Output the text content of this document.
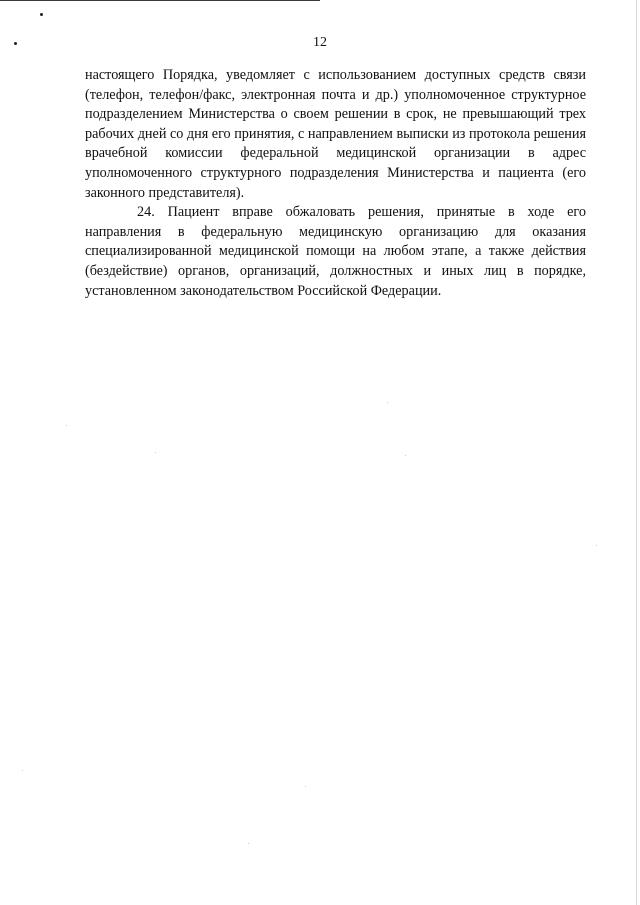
12

настоящего Порядка, уведомляет с использованием доступных средств связи (телефон, телефон/факс, электронная почта и др.) уполномоченное структурное подразделением Министерства о своем решении в срок, не превышающий трех рабочих дней со дня его принятия, с направлением выписки из протокола решения врачебной комиссии федеральной медицинской организации в адрес уполномоченного структурного подразделения Министерства и пациента (его законного представителя).

24. Пациент вправе обжаловать решения, принятые в ходе его направления в федеральную медицинскую организацию для оказания специализированной медицинской помощи на любом этапе, а также действия (бездействие) органов, организаций, должностных и иных лиц в порядке, установленном законодательством Российской Федерации.
